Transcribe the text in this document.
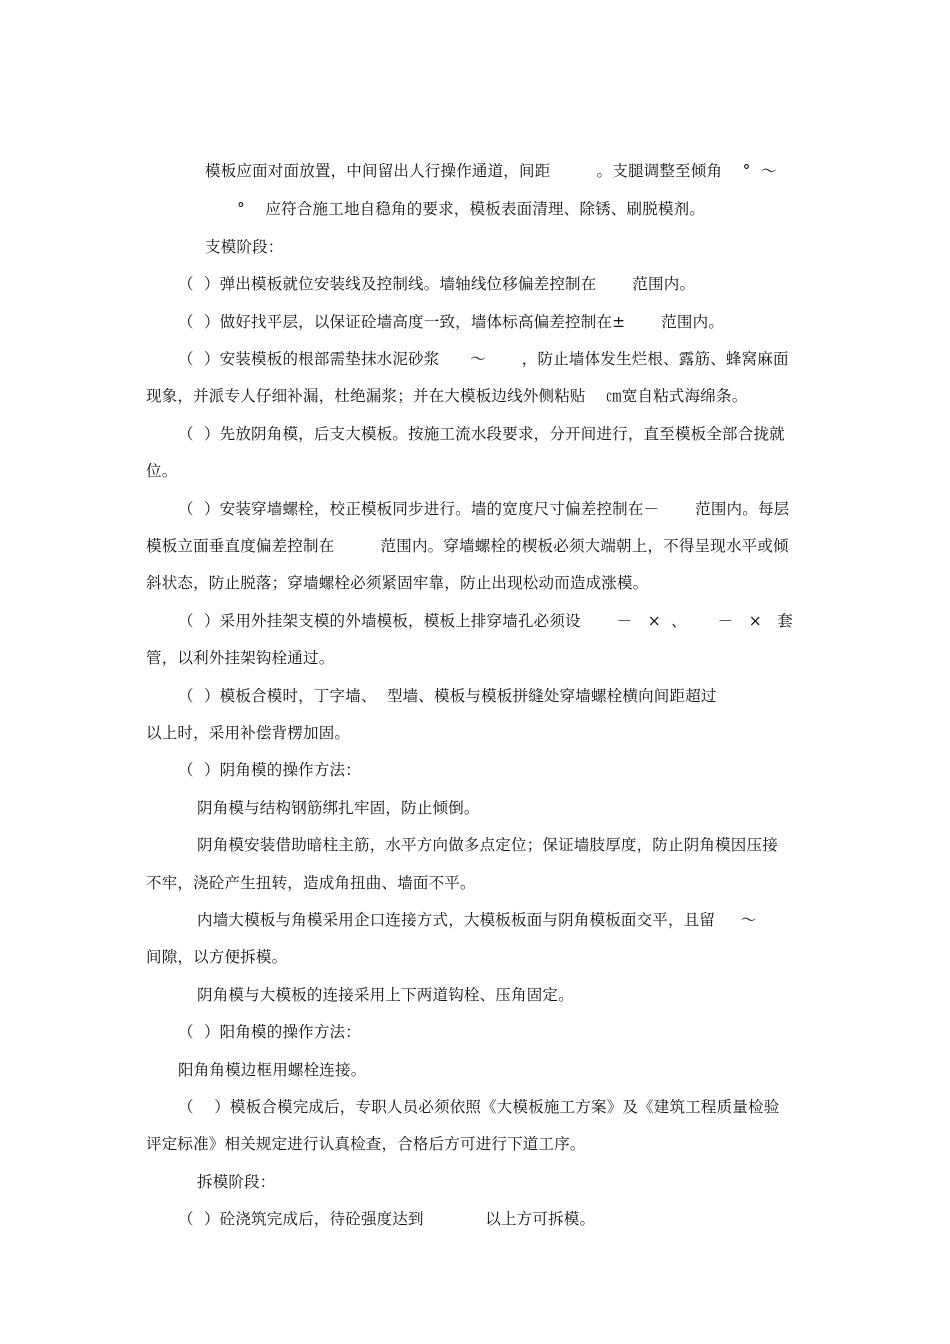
模板应面对面放置，中间留出人行操作通道，间距         。支腿调整至倾角    °  ～
°    应符合施工地自稳角的要求，模板表面清理、除锈、刷脱模剂。
支模阶段：
（  ）弹出模板就位安装线及控制线。墙轴线位移偏差控制在       范围内。
（  ）做好找平层，以保证砼墙高度一致，墙体标高偏差控制在±       范围内。
（  ）安装模板的根部需垫抹水泥砂浆      ～       ，防止墙体发生烂根、露筋、蜂窝麻面
现象，并派专人仔细补漏，杜绝漏浆；并在大模板边线外侧粘贴    ㎝宽自粘式海绵条。
（  ）先放阴角模，后支大模板。按施工流水段要求，分开间进行，直至模板全部合拢就
位。
（  ）安装穿墙螺栓，校正模板同步进行。墙的宽度尺寸偏差控制在－       范围内。每层
模板立面垂直度偏差控制在         范围内。穿墙螺栓的楔板必须大端朝上，不得呈现水平或倾
斜状态，防止脱落；穿墙螺栓必须紧固牢靠，防止出现松动而造成涨模。
（  ）采用外挂架支模的外墙模板，模板上排穿墙孔必须设       －   ×  、      －   ×   套
管，以利外挂架钩栓通过。
（  ）模板合模时，丁字墙、  型墙、模板与模板拼缝处穿墙螺栓横向间距超过
以上时，采用补偿背楞加固。
（  ）阴角模的操作方法：
阴角模与结构钢筋绑扎牢固，防止倾倒。
阴角模安装借助暗柱主筋，水平方向做多点定位；保证墙肢厚度，防止阴角模因压接
不牢，浇砼产生扭转，造成角扭曲、墙面不平。
内墙大模板与角模采用企口连接方式，大模板板面与阴角模板面交平，且留     ～
间隙，以方便拆模。
阴角模与大模板的连接采用上下两道钩栓、压角固定。
（  ）阳角模的操作方法：
阳角角模边框用螺栓连接。
（    ）模板合模完成后，专职人员必须依照《大模板施工方案》及《建筑工程质量检验
评定标准》相关规定进行认真检查，合格后方可进行下道工序。
拆模阶段：
（  ）砼浇筑完成后，待砼强度达到            以上方可拆模。
